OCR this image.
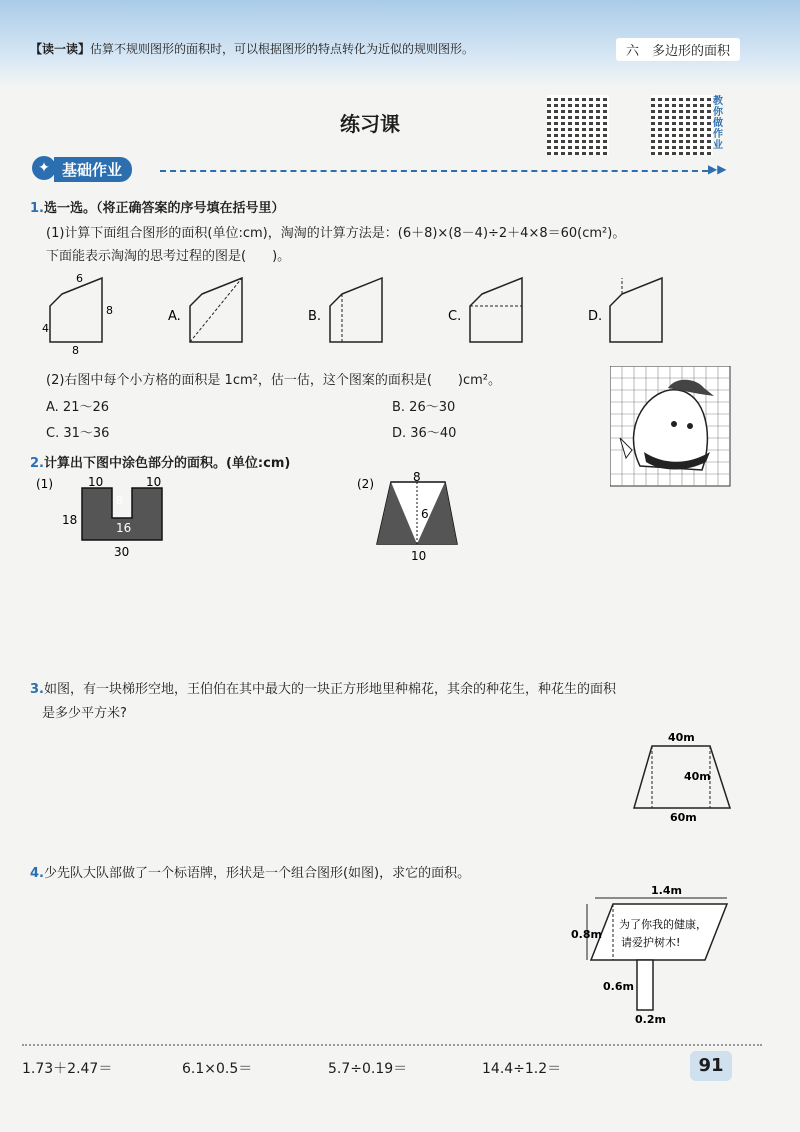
【读一读】估算不规则图形的面积时，可以根据图形的特点转化为近似的规则图形。	六　多边形的面积
练习课
教
你
做
作
业
✦ 基础作业	▶▶
1.选一选。（将正确答案的序号填在括号里）
(1)计算下面组合图形的面积(单位:cm)，淘淘的计算方法是：(6＋8)×(8－4)÷2＋4×8＝60(cm²)。
下面能表示淘淘的思考过程的图是(　　)。
6
8
4
8
A.	B.	C.	D.
(2)右图中每个小方格的面积是 1cm²，估一估，这个图案的面积是(　　)cm²。
A. 21～26	B. 26～30
C. 31～36	D. 36～40
2.计算出下图中涂色部分的面积。(单位:cm)
(1)	10	10
8
18
16
30
(2)	8
6
10
3.如图，有一块梯形空地，王伯伯在其中最大的一块正方形地里种棉花，其余的种花生，种花生的面积
是多少平方米?
40m
40m
60m
4.少先队大队部做了一个标语牌，形状是一个组合图形(如图)，求它的面积。
1.4m
0.8m
为了你我的健康，
请爱护树木!
0.6m
0.2m
1.73＋2.47＝	6.1×0.5＝	5.7÷0.19＝	14.4÷1.2＝	91
